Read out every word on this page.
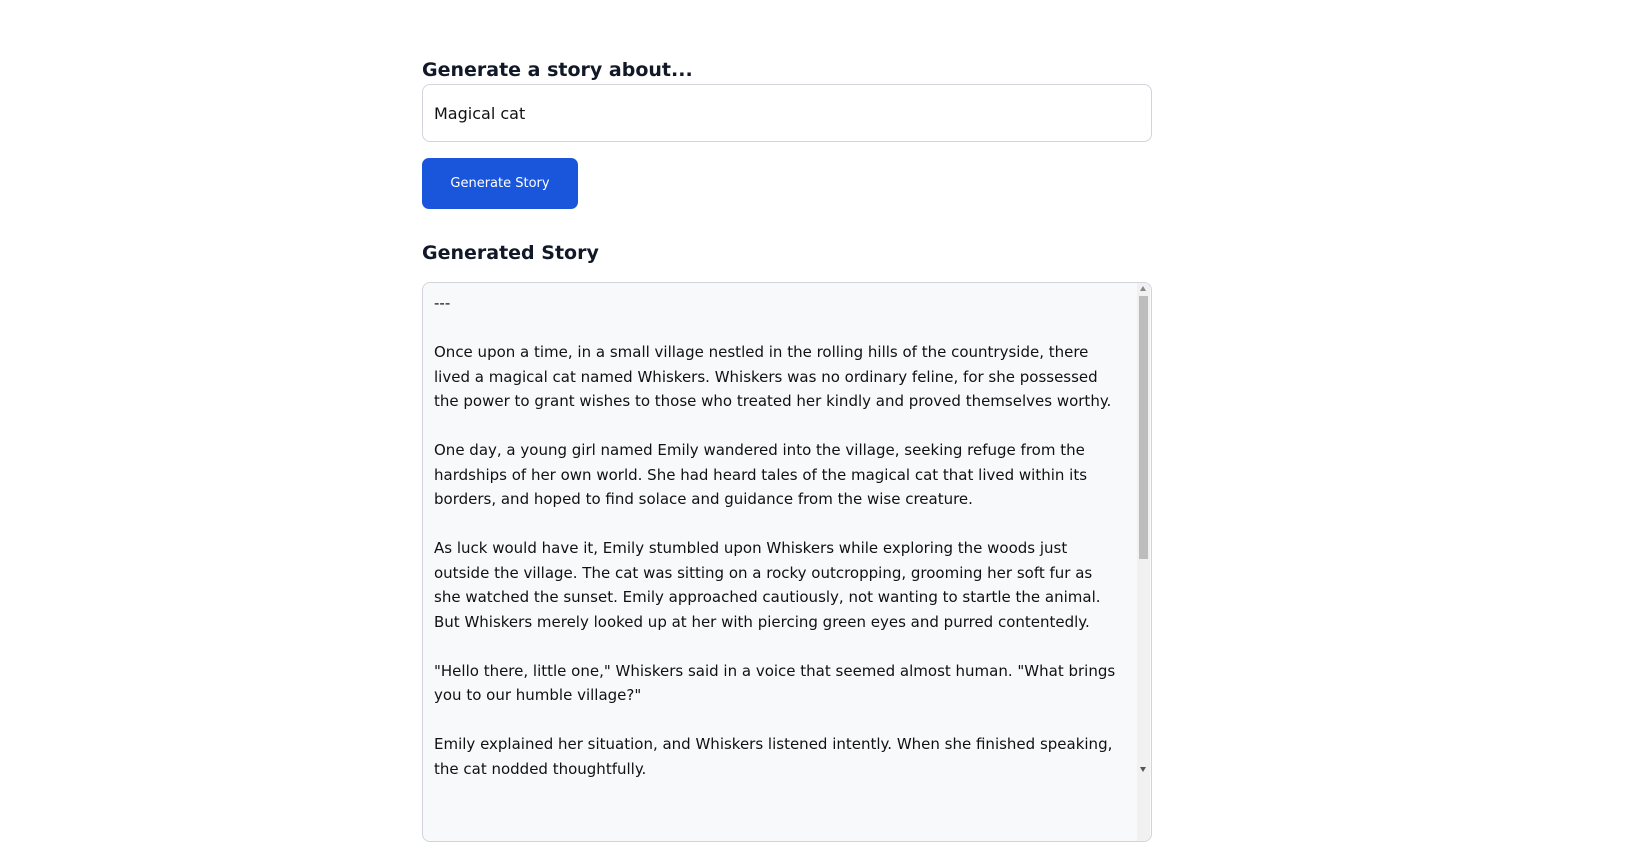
Generate a story about...
Magical cat
Generate Story
Generated Story

---

Once upon a time, in a small village nestled in the rolling hills of the countryside, there lived a magical cat named Whiskers. Whiskers was no ordinary feline, for she possessed the power to grant wishes to those who treated her kindly and proved themselves worthy.

One day, a young girl named Emily wandered into the village, seeking refuge from the hardships of her own world. She had heard tales of the magical cat that lived within its borders, and hoped to find solace and guidance from the wise creature.

As luck would have it, Emily stumbled upon Whiskers while exploring the woods just outside the village. The cat was sitting on a rocky outcropping, grooming her soft fur as she watched the sunset. Emily approached cautiously, not wanting to startle the animal. But Whiskers merely looked up at her with piercing green eyes and purred contentedly.

"Hello there, little one," Whiskers said in a voice that seemed almost human. "What brings you to our humble village?"

Emily explained her situation, and Whiskers listened intently. When she finished speaking, the cat nodded thoughtfully.
